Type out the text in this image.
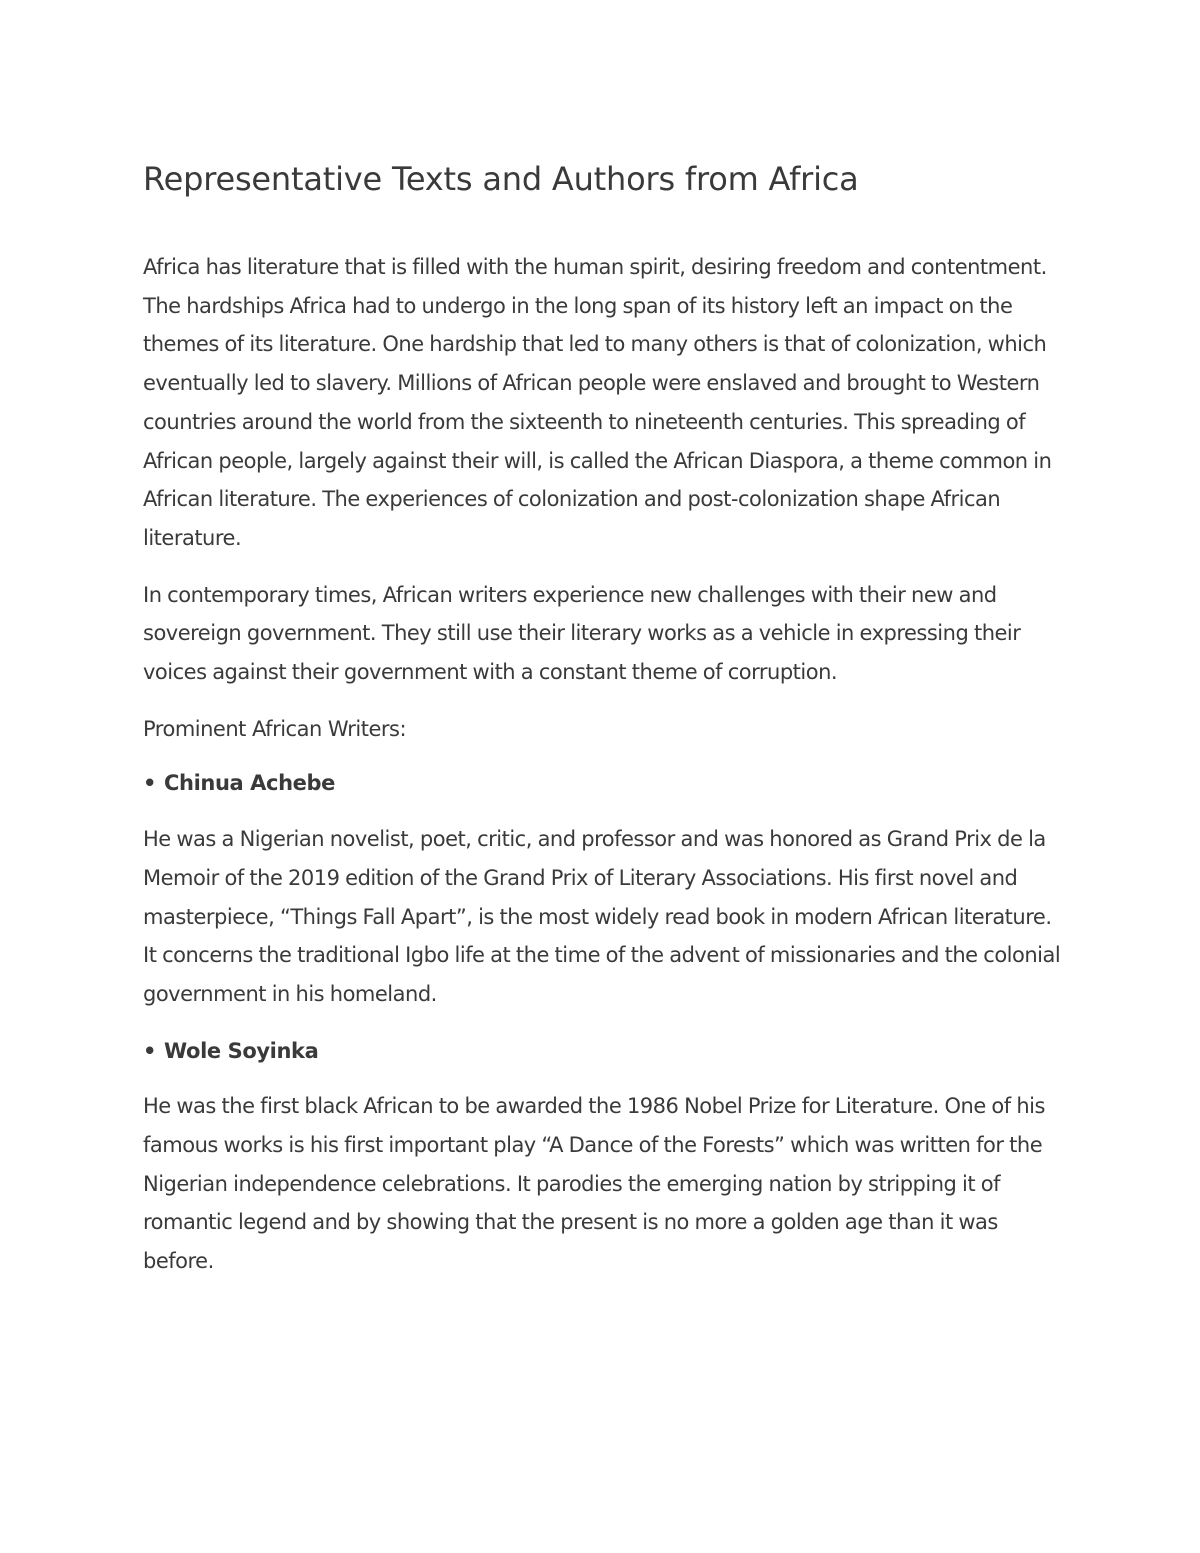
Representative Texts and Authors from Africa

Africa has literature that is filled with the human spirit, desiring freedom and contentment. The hardships Africa had to undergo in the long span of its history left an impact on the themes of its literature. One hardship that led to many others is that of colonization, which eventually led to slavery. Millions of African people were enslaved and brought to Western countries around the world from the sixteenth to nineteenth centuries. This spreading of African people, largely against their will, is called the African Diaspora, a theme common in African literature. The experiences of colonization and post-colonization shape African literature.

In contemporary times, African writers experience new challenges with their new and sovereign government. They still use their literary works as a vehicle in expressing their voices against their government with a constant theme of corruption.

Prominent African Writers:

• Chinua Achebe

He was a Nigerian novelist, poet, critic, and professor and was honored as Grand Prix de la Memoir of the 2019 edition of the Grand Prix of Literary Associations. His first novel and masterpiece, “Things Fall Apart”, is the most widely read book in modern African literature. It concerns the traditional Igbo life at the time of the advent of missionaries and the colonial government in his homeland.

• Wole Soyinka

He was the first black African to be awarded the 1986 Nobel Prize for Literature. One of his famous works is his first important play “A Dance of the Forests” which was written for the Nigerian independence celebrations. It parodies the emerging nation by stripping it of romantic legend and by showing that the present is no more a golden age than it was before.
